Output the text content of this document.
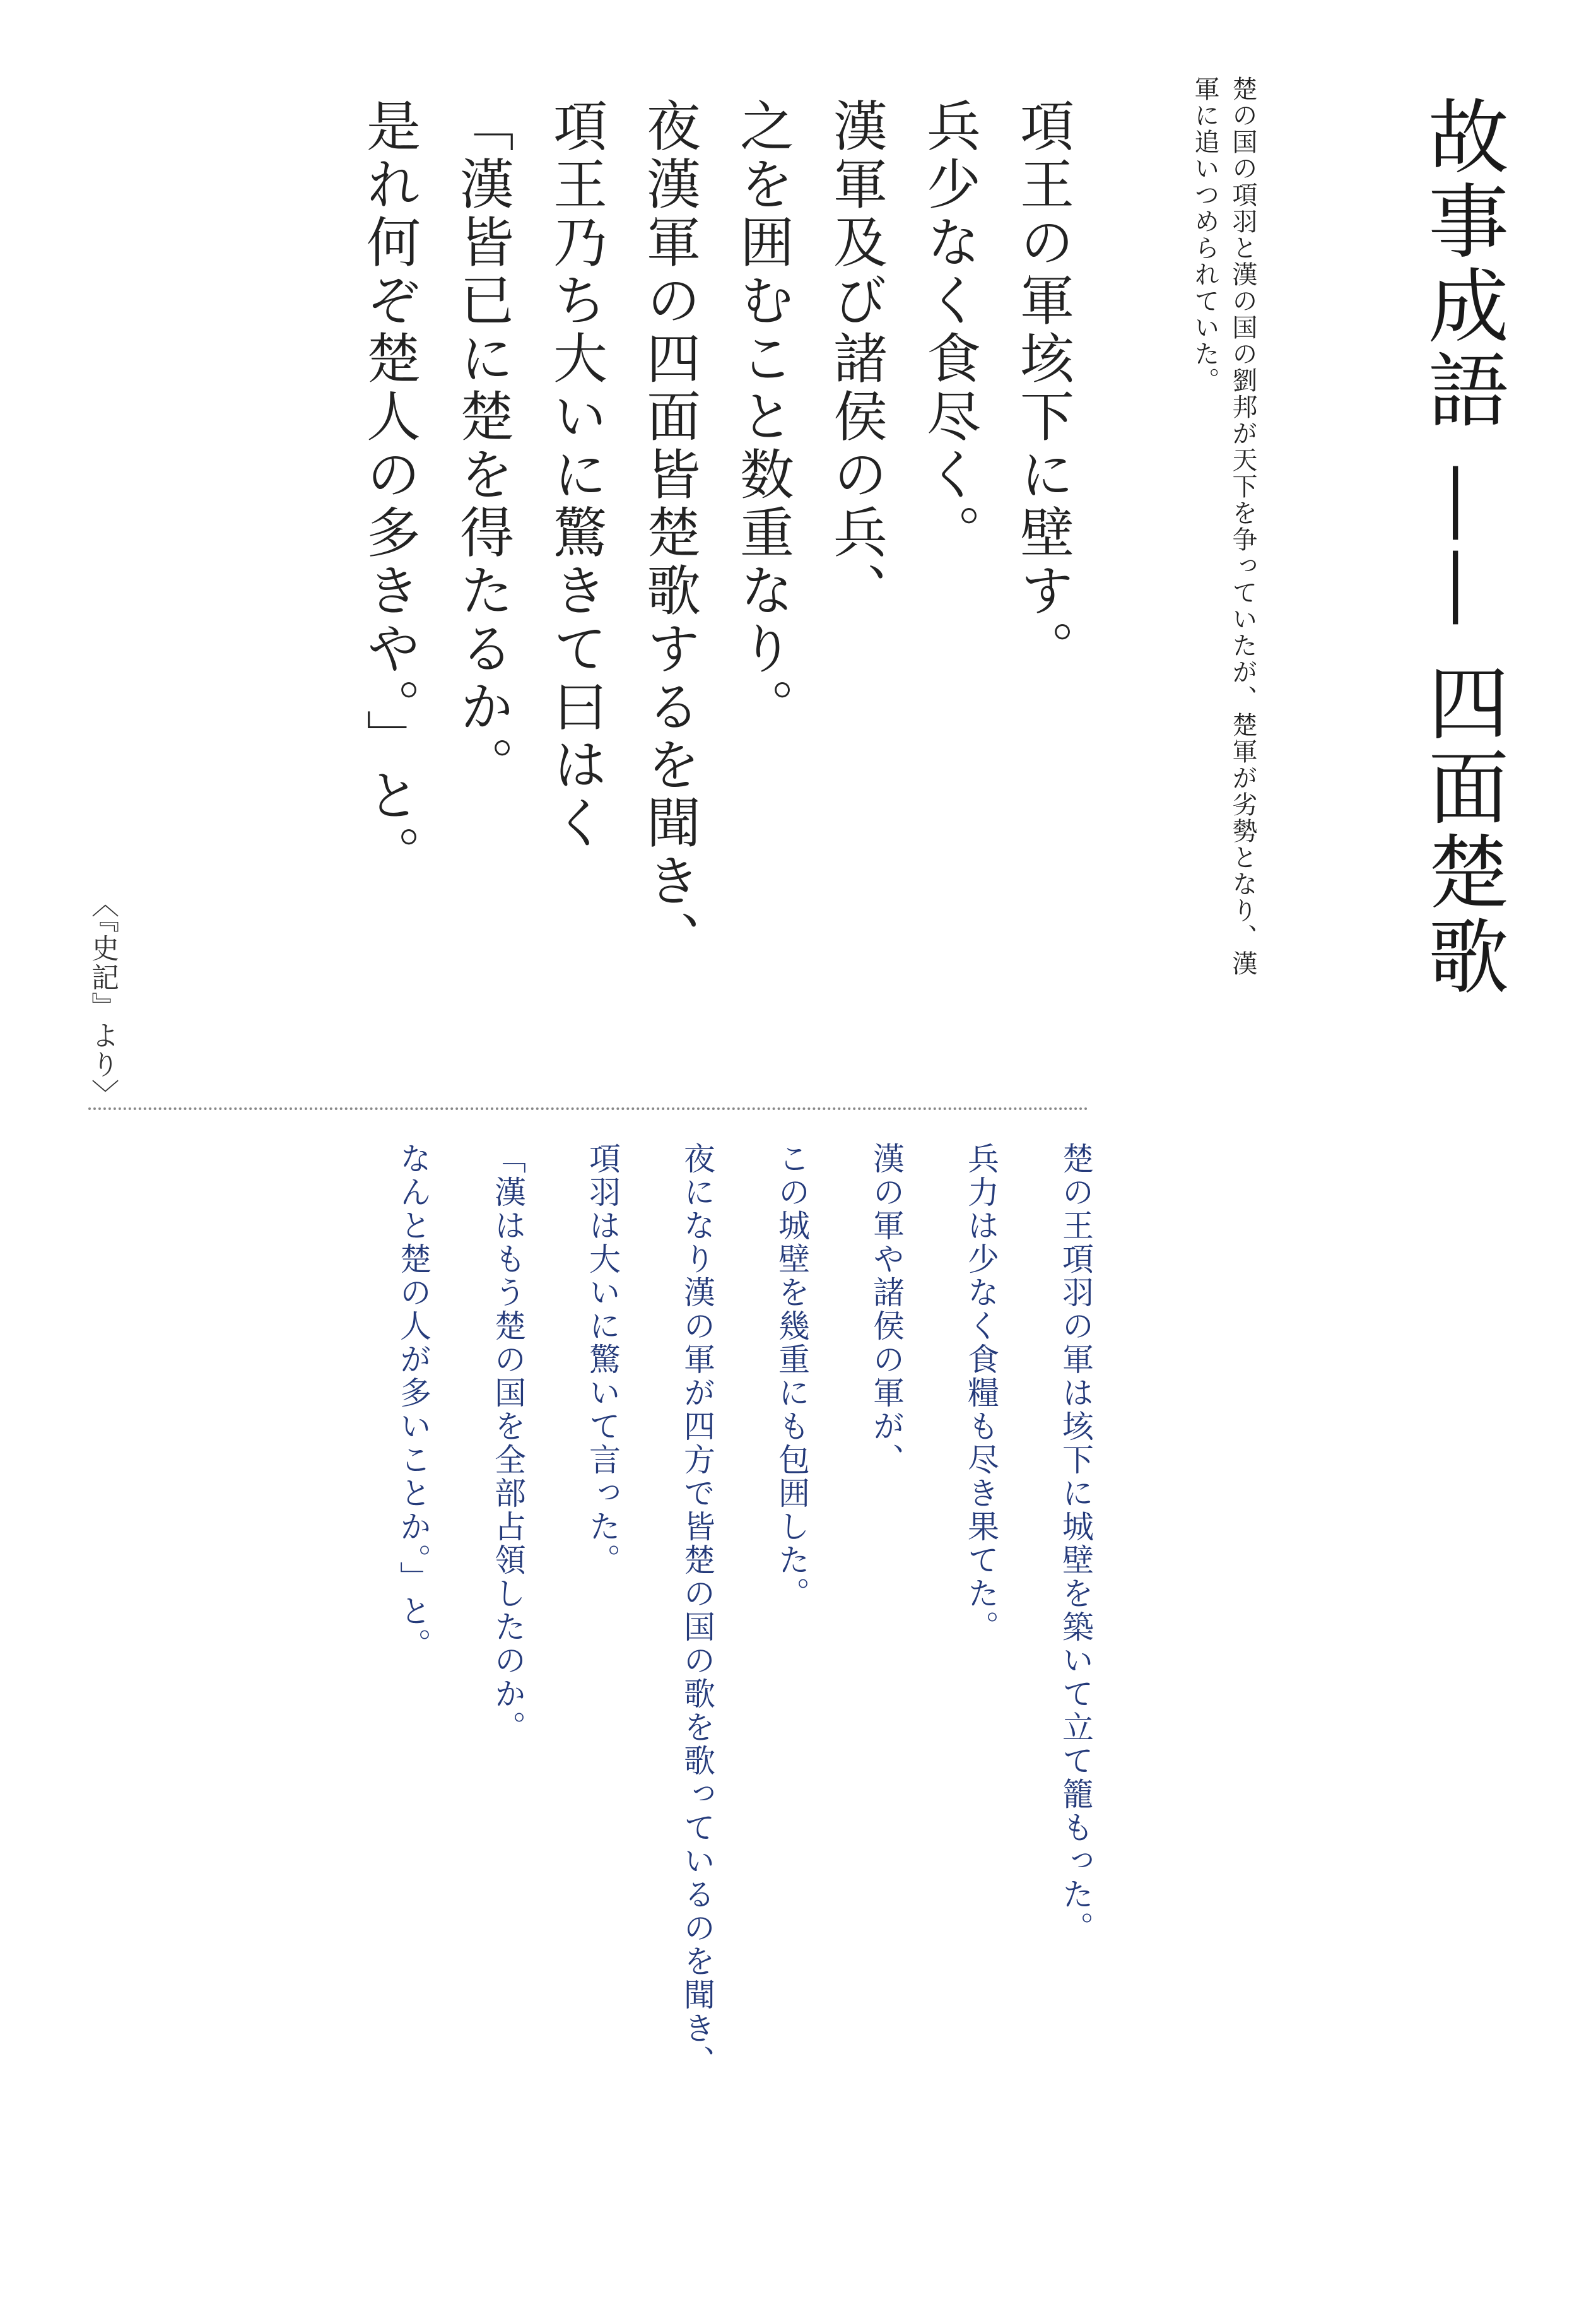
故事成語 —— 四面楚歌
楚の国の項羽と漢の国の劉邦が天下を争っていたが、楚軍が劣勢となり、漢
軍に追いつめられていた。
項王の軍垓下に壁す。
兵少なく食尽く。
漢軍及び諸侯の兵、
之を囲むこと数重なり。
夜漢軍の四面皆楚歌するを聞き、
項王乃ち大いに驚きて曰はく
「漢皆已に楚を得たるか。
是れ何ぞ楚人の多きや。」と。
〈『史記』より〉
楚の王項羽の軍は垓下に城壁を築いて立て籠もった。
兵力は少なく食糧も尽き果てた。
漢の軍や諸侯の軍が、
この城壁を幾重にも包囲した。
夜になり漢の軍が四方で皆楚の国の歌を歌っているのを聞き、
項羽は大いに驚いて言った。
「漢はもう楚の国を全部占領したのか。
なんと楚の人が多いことか。」と。
